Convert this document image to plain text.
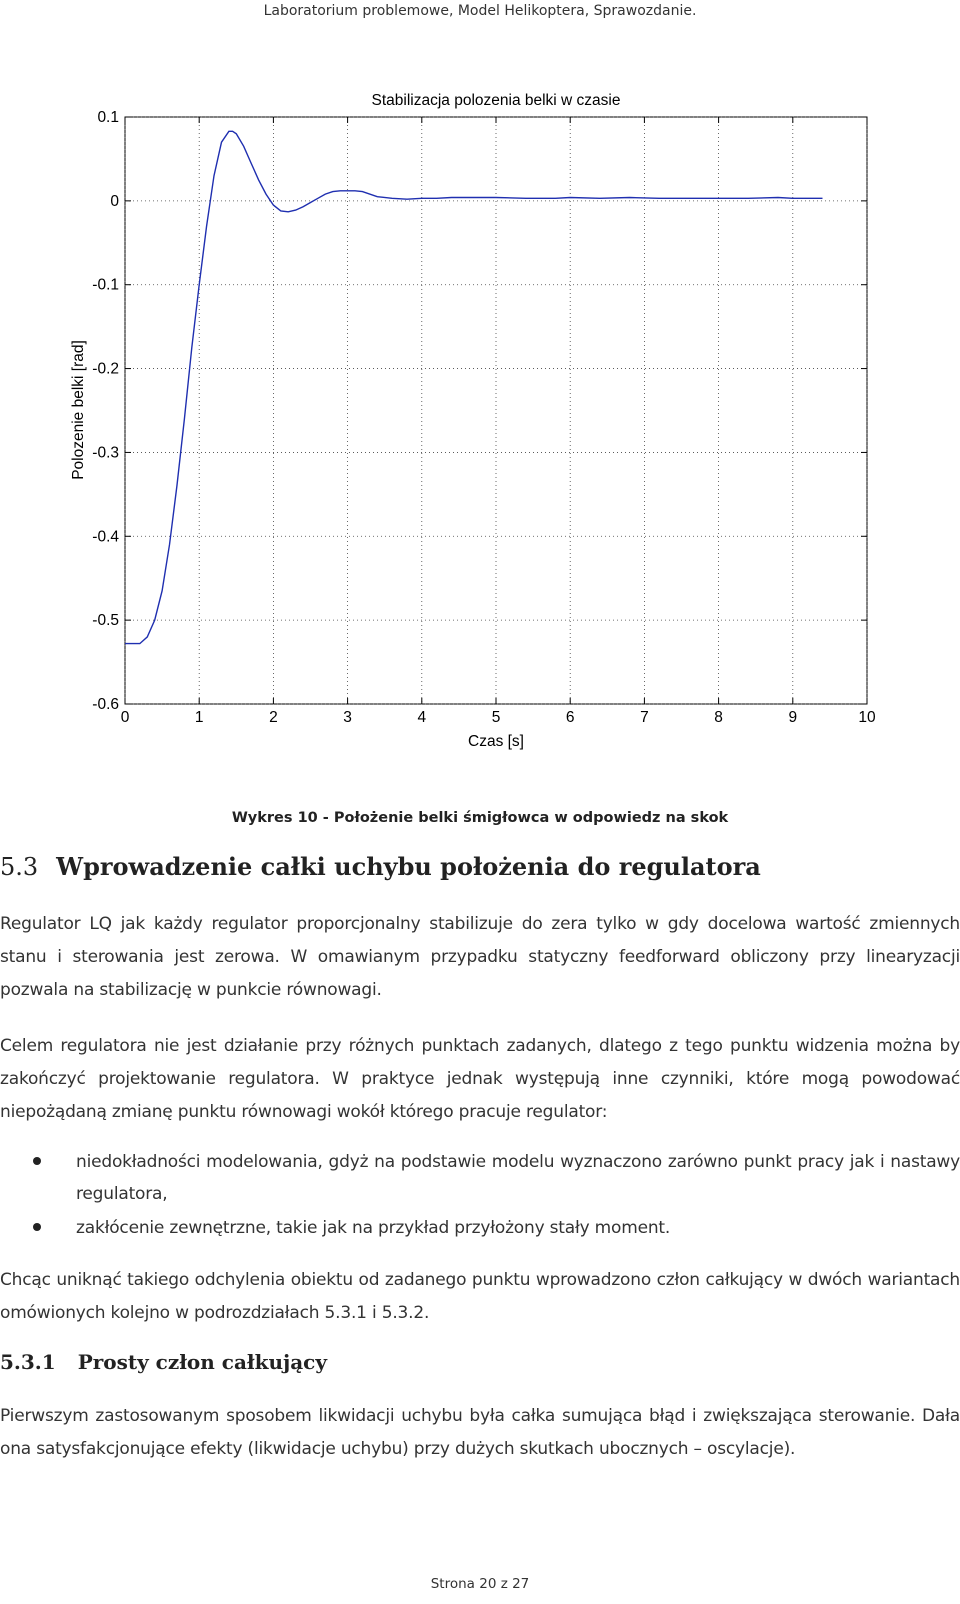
Laboratorium problemowe, Model Helikoptera, Sprawozdanie.
0	1	2	3	4	5	6	7	8	9	10
0.1
0
-0.1
-0.2
-0.3
-0.4
-0.5
-0.6
Stabilizacja polozenia belki w czasie
Czas [s]
Polozenie belki [rad]
Wykres 10 - Położenie belki śmigłowca w odpowiedz na skok
5.3 Wprowadzenie całki uchybu położenia do regulatora

Regulator LQ jak każdy regulator proporcjonalny stabilizuje do zera tylko w gdy docelowa wartość zmiennych stanu i sterowania jest zerowa. W omawianym przypadku statyczny feedforward obliczony przy linearyzacji pozwala na stabilizację w punkcie równowagi.

Celem regulatora nie jest działanie przy różnych punktach zadanych, dlatego z tego punktu widzenia można by zakończyć projektowanie regulatora. W praktyce jednak występują inne czynniki, które mogą powodować niepożądaną zmianę punktu równowagi wokół którego pracuje regulator:

niedokładności modelowania, gdyż na podstawie modelu wyznaczono zarówno punkt pracy jak i nastawy regulatora,
zakłócenie zewnętrzne, takie jak na przykład przyłożony stały moment.

Chcąc uniknąć takiego odchylenia obiektu od zadanego punktu wprowadzono człon całkujący w dwóch wariantach omówionych kolejno w podrozdziałach 5.3.1 i 5.3.2.

5.3.1 Prosty człon całkujący

Pierwszym zastosowanym sposobem likwidacji uchybu była całka sumująca błąd i zwiększająca sterowanie. Dała ona satysfakcjonujące efekty (likwidacje uchybu) przy dużych skutkach ubocznych – oscylacje).

Strona 20 z 27
